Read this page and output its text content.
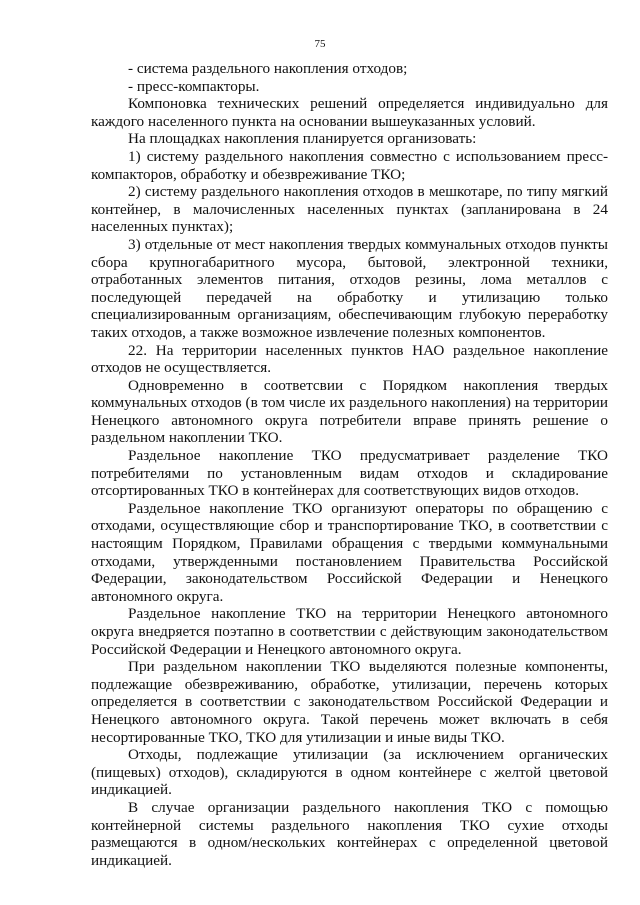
75

- система раздельного накопления отходов;

- пресс-компакторы.

Компоновка технических решений определяется индивидуально для каждого населенного пункта на основании вышеуказанных условий.

На площадках накопления планируется организовать:

1) систему раздельного накопления совместно с использованием пресс-компакторов, обработку и обезвреживание ТКО;

2) систему раздельного накопления отходов в мешкотаре, по типу мягкий контейнер, в малочисленных населенных пунктах (запланирована в 24 населенных пунктах);

3) отдельные от мест накопления твердых коммунальных отходов пункты сбора крупногабаритного мусора, бытовой, электронной техники, отработанных элементов питания, отходов резины, лома металлов с последующей передачей на обработку и утилизацию только специализированным организациям, обеспечивающим глубокую переработку таких отходов, а также возможное извлечение полезных компонентов.

22. На территории населенных пунктов НАО раздельное накопление отходов не осуществляется.

Одновременно в соответсвии с Порядком накопления твердых коммунальных отходов (в том числе их раздельного накопления) на территории Ненецкого автономного округа потребители вправе принять решение о раздельном накоплении ТКО.

Раздельное накопление ТКО предусматривает разделение ТКО потребителями по установленным видам отходов и складирование отсортированных ТКО в контейнерах для соответствующих видов отходов.

Раздельное накопление ТКО организуют операторы по обращению с отходами, осуществляющие сбор и транспортирование ТКО, в соответствии с настоящим Порядком, Правилами обращения с твердыми коммунальными отходами, утвержденными постановлением Правительства Российской Федерации, законодательством Российской Федерации и Ненецкого автономного округа.

Раздельное накопление ТКО на территории Ненецкого автономного округа внедряется поэтапно в соответствии с действующим законодательством Российской Федерации и Ненецкого автономного округа.

При раздельном накоплении ТКО выделяются полезные компоненты, подлежащие обезвреживанию, обработке, утилизации, перечень которых определяется в соответствии с законодательством Российской Федерации и Ненецкого автономного округа. Такой перечень может включать в себя несортированные ТКО, ТКО для утилизации и иные виды ТКО.

Отходы, подлежащие утилизации (за исключением органических (пищевых) отходов), складируются в одном контейнере с желтой цветовой индикацией.

В случае организации раздельного накопления ТКО с помощью контейнерной системы раздельного накопления ТКО сухие отходы размещаются в одном/нескольких контейнерах с определенной цветовой индикацией.
